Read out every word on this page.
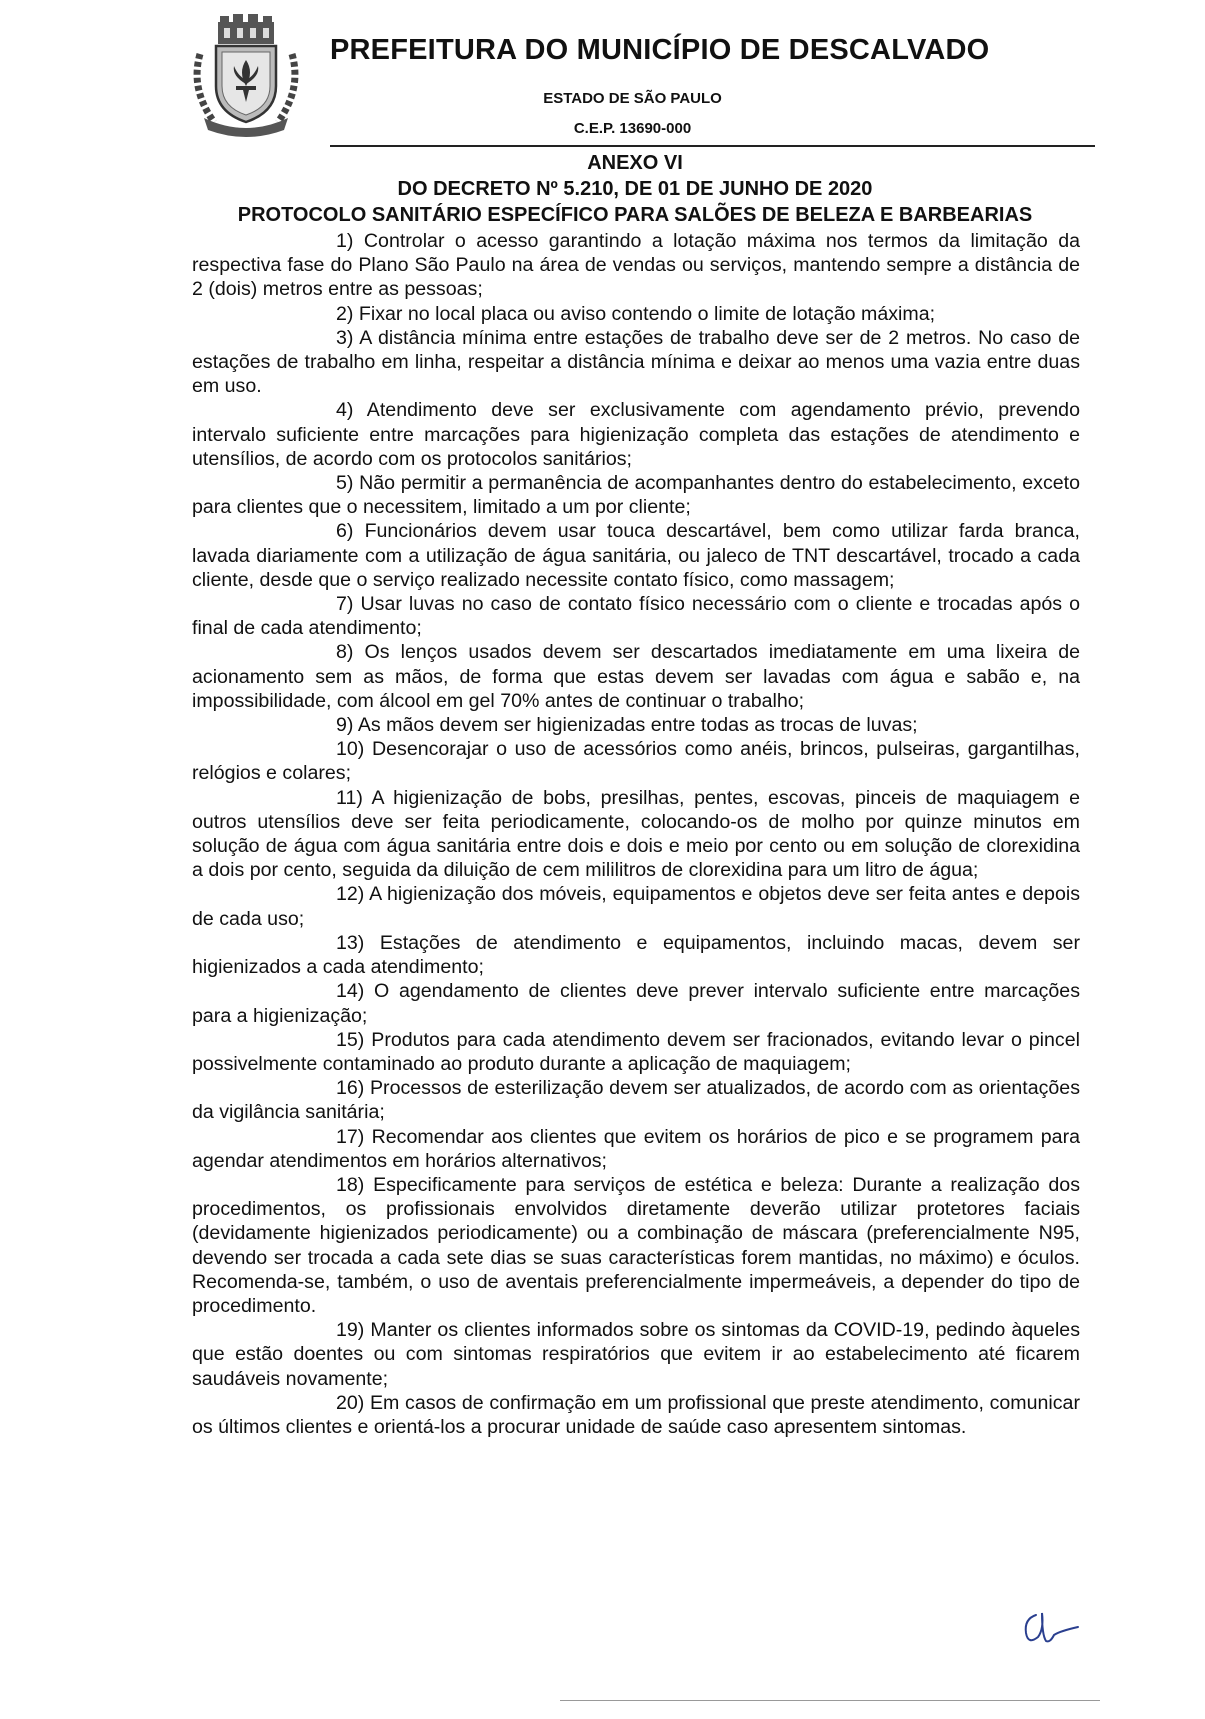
PREFEITURA DO MUNICÍPIO DE DESCALVADO
ESTADO DE SÃO PAULO
C.E.P. 13690-000
ANEXO VI
DO DECRETO Nº 5.210, DE 01 DE JUNHO DE 2020
PROTOCOLO SANITÁRIO ESPECÍFICO PARA SALÕES DE BELEZA E BARBEARIAS

1) Controlar o acesso garantindo a lotação máxima nos termos da limitação da respectiva fase do Plano São Paulo na área de vendas ou serviços, mantendo sempre a distância de 2 (dois) metros entre as pessoas;

2) Fixar no local placa ou aviso contendo o limite de lotação máxima;

3) A distância mínima entre estações de trabalho deve ser de 2 metros. No caso de estações de trabalho em linha, respeitar a distância mínima e deixar ao menos uma vazia entre duas em uso.

4) Atendimento deve ser exclusivamente com agendamento prévio, prevendo intervalo suficiente entre marcações para higienização completa das estações de atendimento e utensílios, de acordo com os protocolos sanitários;

5) Não permitir a permanência de acompanhantes dentro do estabelecimento, exceto para clientes que o necessitem, limitado a um por cliente;

6) Funcionários devem usar touca descartável, bem como utilizar farda branca, lavada diariamente com a utilização de água sanitária, ou jaleco de TNT descartável, trocado a cada cliente, desde que o serviço realizado necessite contato físico, como massagem;

7) Usar luvas no caso de contato físico necessário com o cliente e trocadas após o final de cada atendimento;

8) Os lenços usados devem ser descartados imediatamente em uma lixeira de acionamento sem as mãos, de forma que estas devem ser lavadas com água e sabão e, na impossibilidade, com álcool em gel 70% antes de continuar o trabalho;

9) As mãos devem ser higienizadas entre todas as trocas de luvas;

10) Desencorajar o uso de acessórios como anéis, brincos, pulseiras, gargantilhas, relógios e colares;

11) A higienização de bobs, presilhas, pentes, escovas, pinceis de maquiagem e outros utensílios deve ser feita periodicamente, colocando-os de molho por quinze minutos em solução de água com água sanitária entre dois e dois e meio por cento ou em solução de clorexidina a dois por cento, seguida da diluição de cem mililitros de clorexidina para um litro de água;

12) A higienização dos móveis, equipamentos e objetos deve ser feita antes e depois de cada uso;

13) Estações de atendimento e equipamentos, incluindo macas, devem ser higienizados a cada atendimento;

14) O agendamento de clientes deve prever intervalo suficiente entre marcações para a higienização;

15) Produtos para cada atendimento devem ser fracionados, evitando levar o pincel possivelmente contaminado ao produto durante a aplicação de maquiagem;

16) Processos de esterilização devem ser atualizados, de acordo com as orientações da vigilância sanitária;

17) Recomendar aos clientes que evitem os horários de pico e se programem para agendar atendimentos em horários alternativos;

18) Especificamente para serviços de estética e beleza: Durante a realização dos procedimentos, os profissionais envolvidos diretamente deverão utilizar protetores faciais (devidamente higienizados periodicamente) ou a combinação de máscara (preferencialmente N95, devendo ser trocada a cada sete dias se suas características forem mantidas, no máximo) e óculos. Recomenda-se, também, o uso de aventais preferencialmente impermeáveis, a depender do tipo de procedimento.

19) Manter os clientes informados sobre os sintomas da COVID-19, pedindo àqueles que estão doentes ou com sintomas respiratórios que evitem ir ao estabelecimento até ficarem saudáveis novamente;

20) Em casos de confirmação em um profissional que preste atendimento, comunicar os últimos clientes e orientá-los a procurar unidade de saúde caso apresentem sintomas.
